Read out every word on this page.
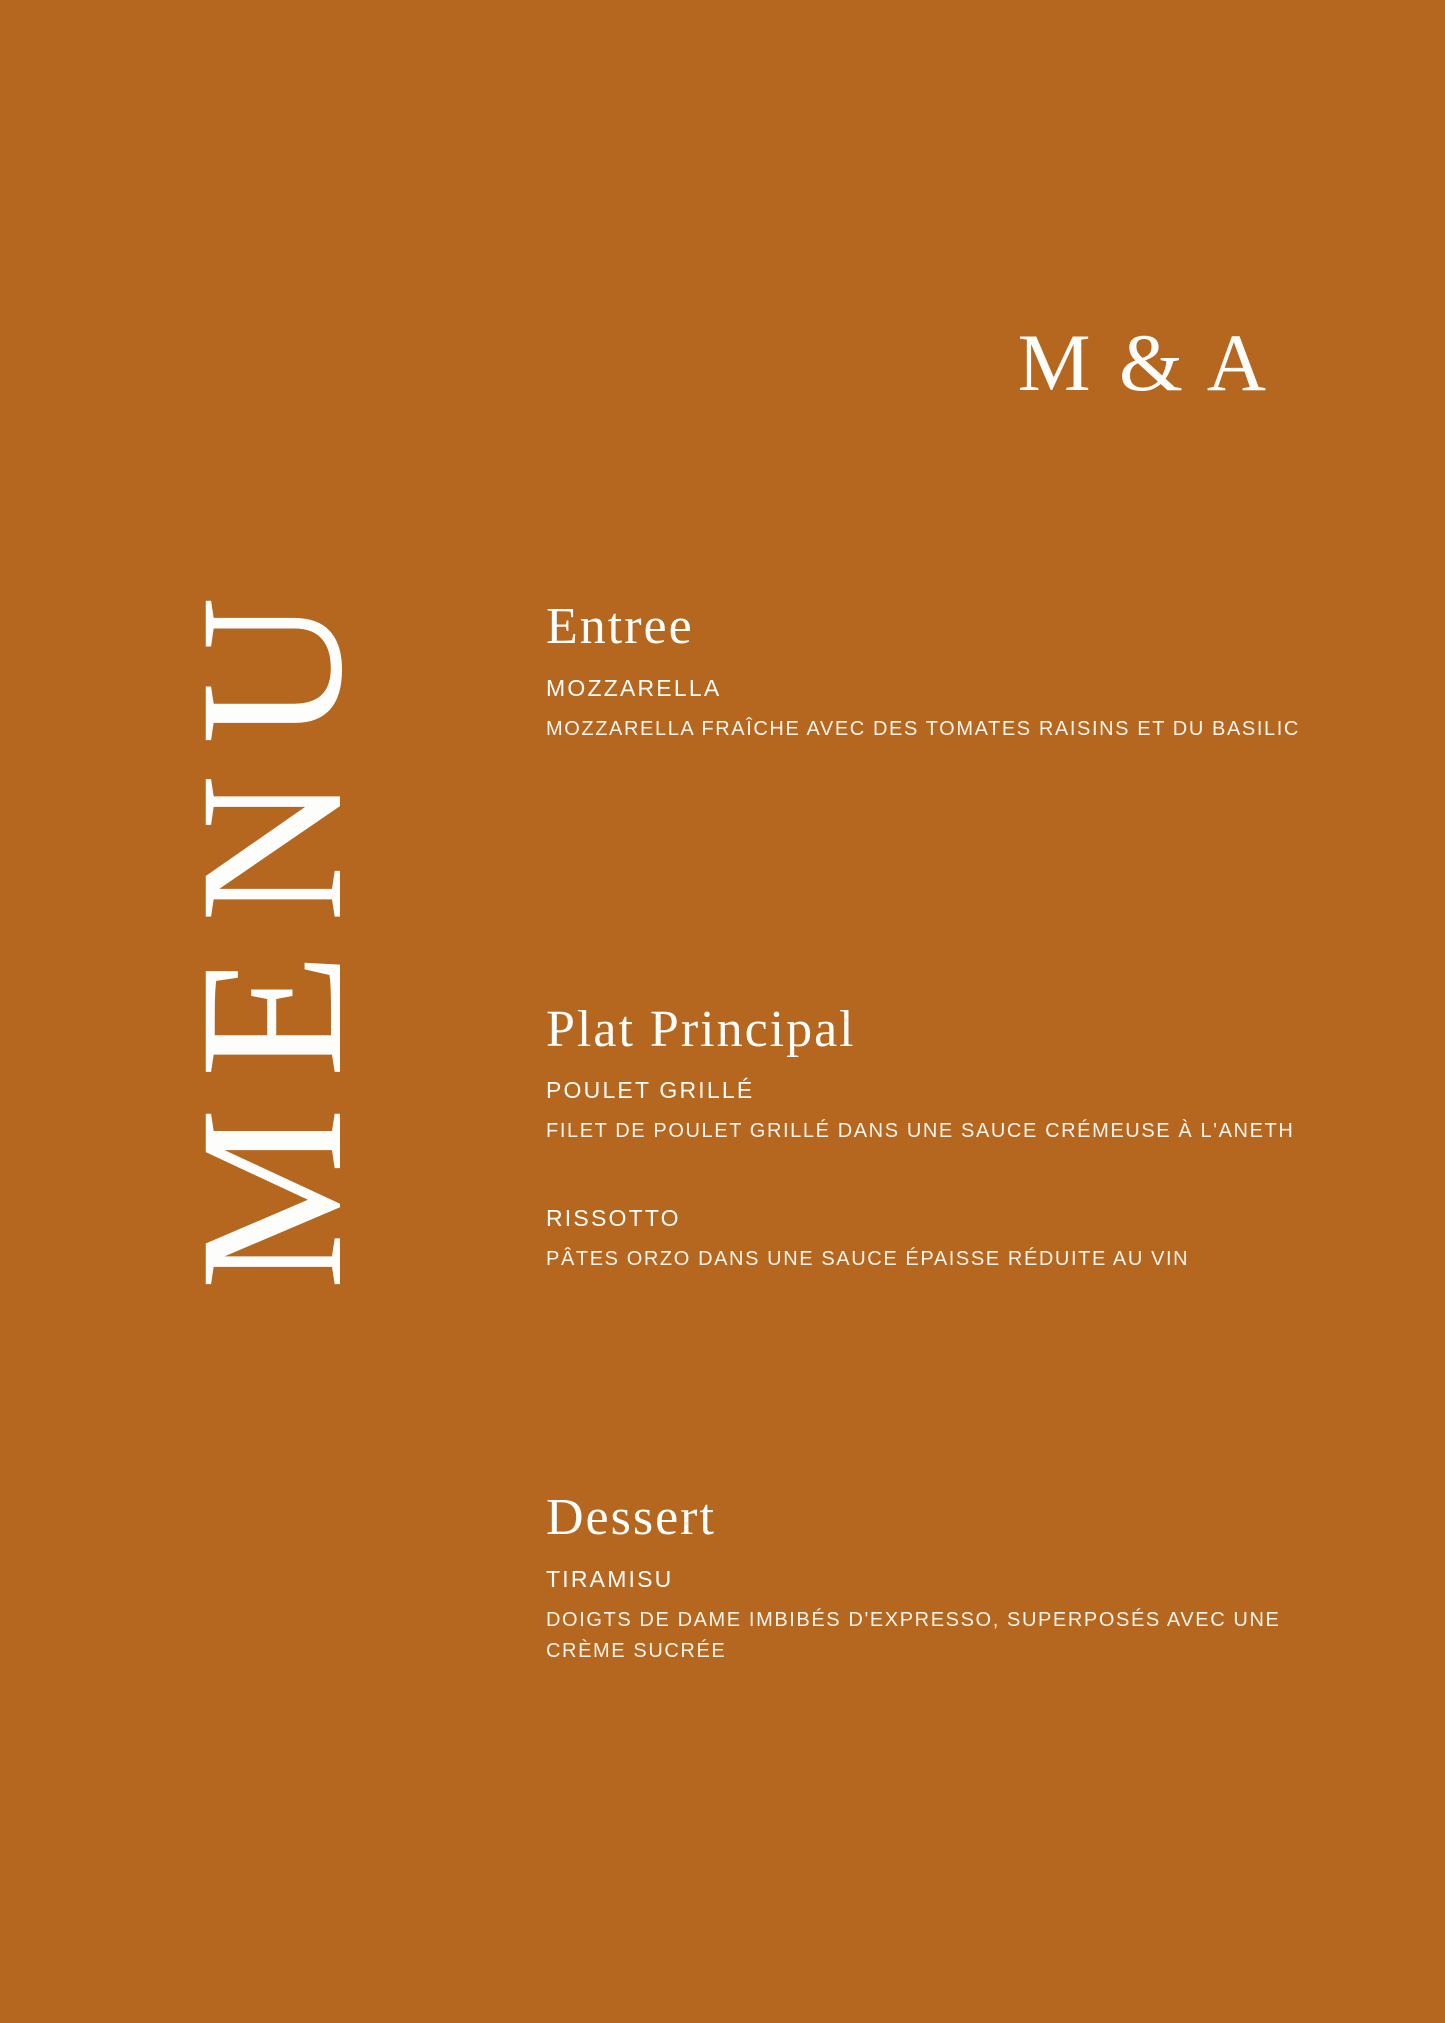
M & A
MENU	Entree

MOZZARELLA

MOZZARELLA FRAÎCHE AVEC DES TOMATES RAISINS ET DU BASILIC

Plat Principal

POULET GRILLÉ

FILET DE POULET GRILLÉ DANS UNE SAUCE CRÉMEUSE À L'ANETH

RISSOTTO

PÂTES ORZO DANS UNE SAUCE ÉPAISSE RÉDUITE AU VIN

Dessert

TIRAMISU

DOIGTS DE DAME IMBIBÉS D'EXPRESSO, SUPERPOSÉS AVEC UNE CRÈME SUCRÉE
